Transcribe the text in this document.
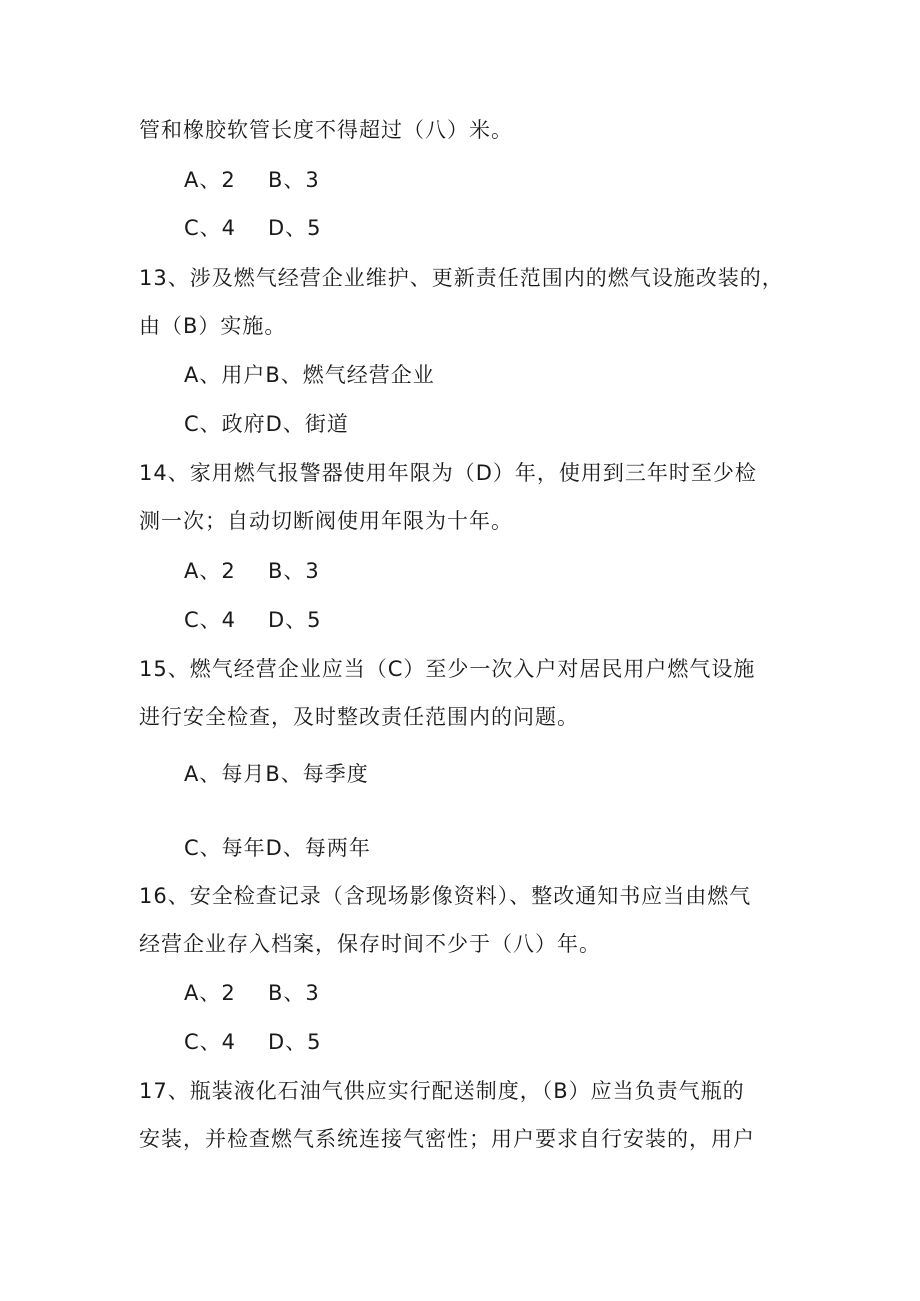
管和橡胶软管长度不得超过（八）米。
A、2 B、3
C、4 D、5
13、涉及燃气经营企业维护、更新责任范围内的燃气设施改装的，
由（B）实施。
A、用户B、燃气经营企业
C、政府D、街道
14、家用燃气报警器使用年限为（D）年，使用到三年时至少检
测一次；自动切断阀使用年限为十年。
A、2 B、3
C、4 D、5
15、燃气经营企业应当（C）至少一次入户对居民用户燃气设施
进行安全检查，及时整改责任范围内的问题。
A、每月B、每季度
C、每年D、每两年
16、安全检查记录（含现场影像资料）、整改通知书应当由燃气
经营企业存入档案，保存时间不少于（八）年。
A、2 B、3
C、4 D、5
17、瓶装液化石油气供应实行配送制度，（B）应当负责气瓶的
安装，并检查燃气系统连接气密性；用户要求自行安装的，用户
